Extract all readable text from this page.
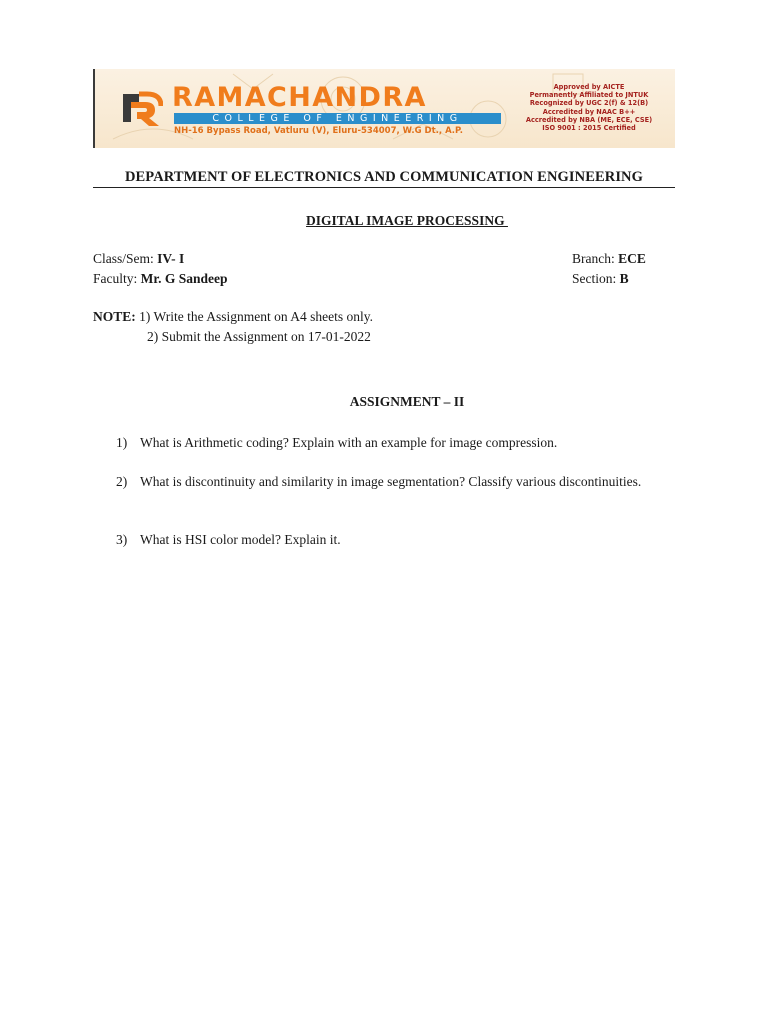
RAMACHANDRA
COLLEGE OF ENGINEERING
NH-16 Bypass Road, Vatluru (V), Eluru-534007, W.G Dt., A.P.
Approved by AICTE
Permanently Affiliated to JNTUK
Recognized by UGC 2(f) & 12(B)
Accredited by NAAC B++
Accredited by NBA (ME, ECE, CSE)
ISO 9001 : 2015 Certified
DEPARTMENT OF ELECTRONICS AND COMMUNICATION ENGINEERING
DIGITAL IMAGE PROCESSING
Class/Sem: IV- I	Branch: ECE
Faculty: Mr. G Sandeep	Section: B
NOTE: 1) Write the Assignment on A4 sheets only.
2) Submit the Assignment on 17-01-2022
ASSIGNMENT – II
1) What is Arithmetic coding? Explain with an example for image compression.
2) What is discontinuity and similarity in image segmentation? Classify various discontinuities.
3) What is HSI color model? Explain it.
